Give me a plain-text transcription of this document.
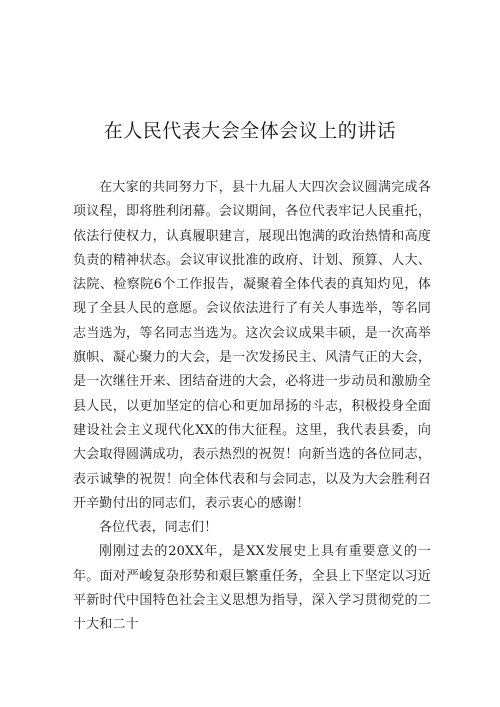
在人民代表大会全体会议上的讲话

在大家的共同努力下，县十九届人大四次会议圆满完成各项议程，即将胜利闭幕。会议期间，各位代表牢记人民重托，依法行使权力，认真履职建言，展现出饱满的政治热情和高度负责的精神状态。会议审议批准的政府、计划、预算、人大、法院、检察院6个工作报告，凝聚着全体代表的真知灼见，体现了全县人民的意愿。会议依法进行了有关人事选举，等名同志当选为，等名同志当选为。这次会议成果丰硕，是一次高举旗帜、凝心聚力的大会，是一次发扬民主、风清气正的大会，是一次继往开来、团结奋进的大会，必将进一步动员和激励全县人民，以更加坚定的信心和更加昂扬的斗志，积极投身全面建设社会主义现代化XX的伟大征程。这里，我代表县委，向大会取得圆满成功，表示热烈的祝贺！向新当选的各位同志，表示诚挚的祝贺！向全体代表和与会同志，以及为大会胜利召开辛勤付出的同志们，表示衷心的感谢！

各位代表，同志们！

刚刚过去的20XX年，是XX发展史上具有重要意义的一年。面对严峻复杂形势和艰巨繁重任务，全县上下坚定以习近平新时代中国特色社会主义思想为指导，深入学习贯彻党的二十大和二十
